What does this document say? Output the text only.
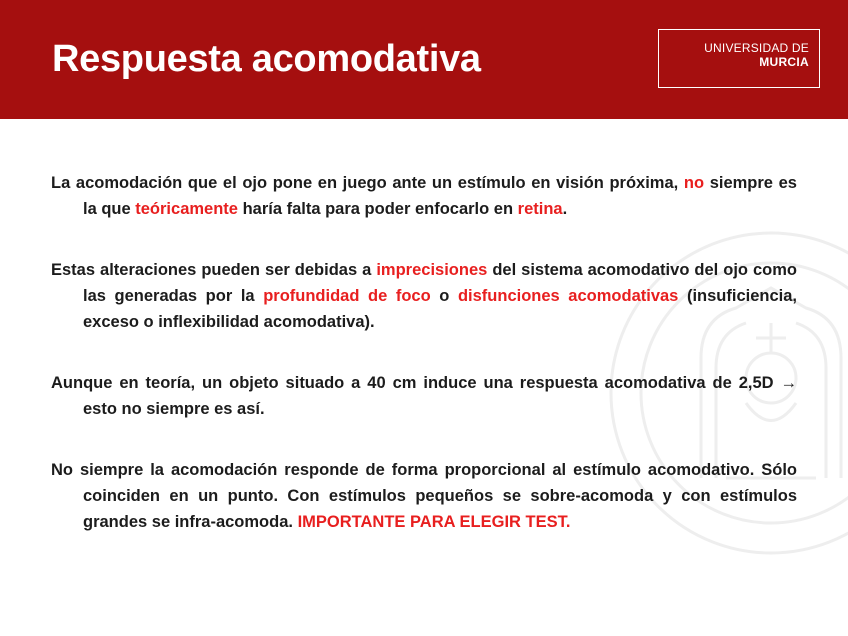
Respuesta acomodativa	UNIVERSIDAD DE
MURCIA

La acomodación que el ojo pone en juego ante un estímulo en visión próxima, no siempre es la que teóricamente haría falta para poder enfocarlo en retina.

Estas alteraciones pueden ser debidas a imprecisiones del sistema acomodativo del ojo como las generadas por la profundidad de foco o disfunciones acomodativas (insuficiencia, exceso o inflexibilidad acomodativa).

Aunque en teoría, un objeto situado a 40 cm induce una respuesta acomodativa de 2,5D → esto no siempre es así.

No siempre la acomodación responde de forma proporcional al estímulo acomodativo. Sólo coinciden en un punto. Con estímulos pequeños se sobre-acomoda y con estímulos grandes se infra-acomoda. IMPORTANTE PARA ELEGIR TEST.
